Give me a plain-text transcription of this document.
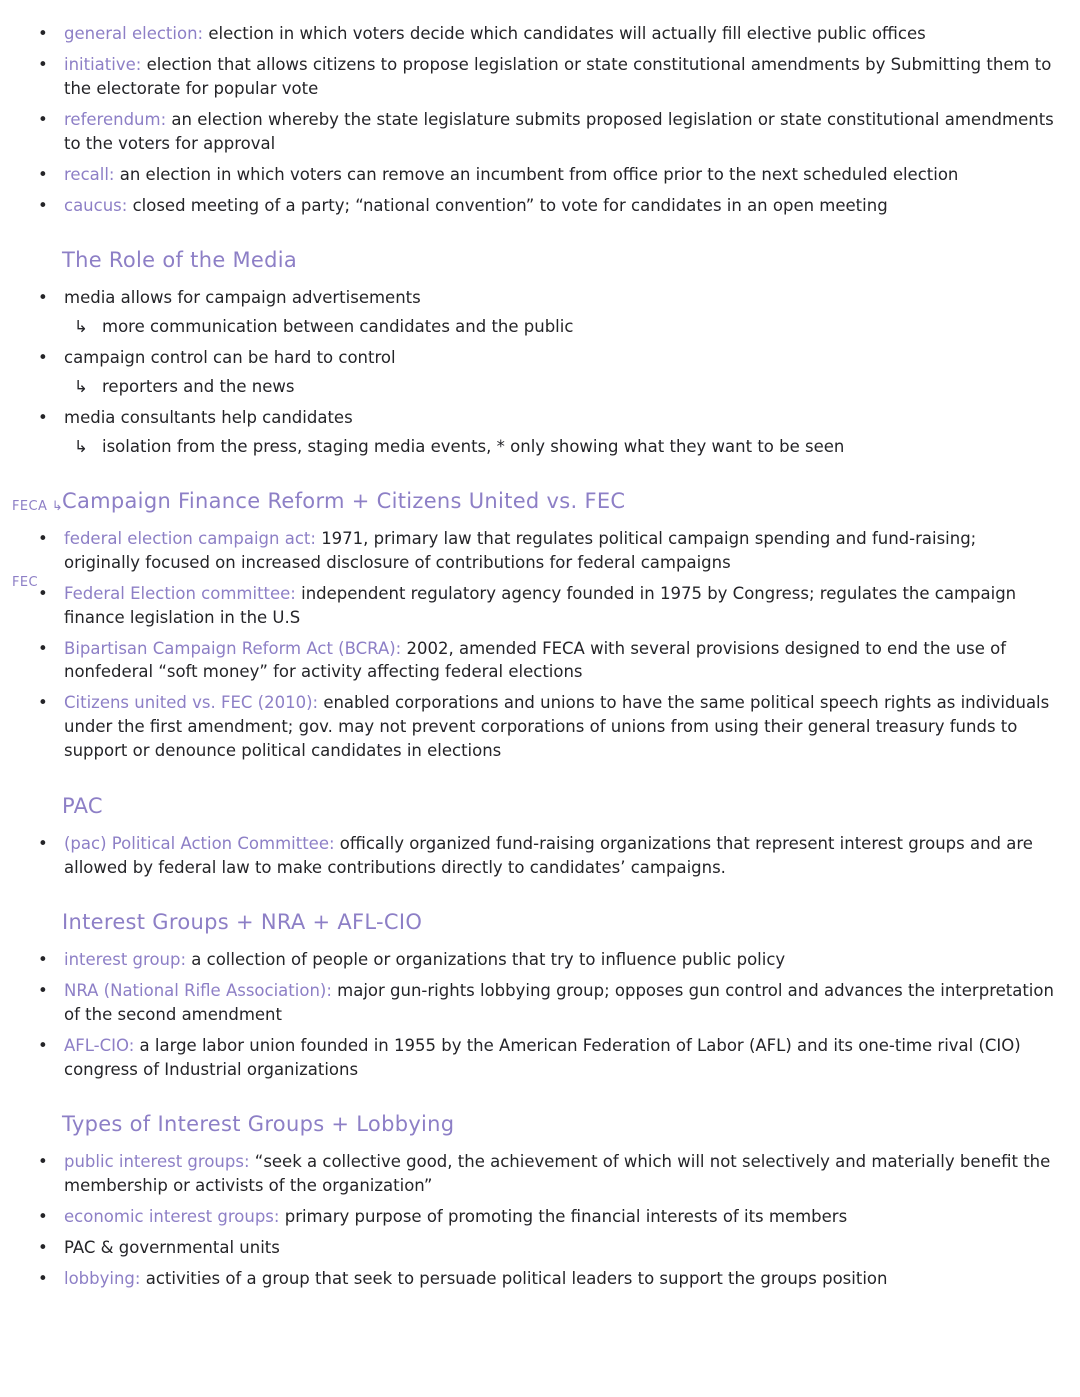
• general election: election in which voters decide which candidates will actually fill elective public offices
• initiative: election that allows citizens to propose legislation or state constitutional amendments by Submitting them to the electorate for popular vote
• referendum: an election whereby the state legislature submits proposed legislation or state constitutional amendments to the voters for approval
• recall: an election in which voters can remove an incumbent from office prior to the next scheduled election
• caucus: closed meeting of a party; “national convention” to vote for candidates in an open meeting
The Role of the Media
• media allows for campaign advertisements
↳ more communication between candidates and the public
• campaign control can be hard to control
↳ reporters and the news
• media consultants help candidates
↳ isolation from the press, staging media events, * only showing what they want to be seen
Campaign Finance Reform + Citizens United vs. FEC
FECA ↳
FEC
• federal election campaign act: 1971, primary law that regulates political campaign spending and fund-raising; originally focused on increased disclosure of contributions for federal campaigns
• Federal Election committee: independent regulatory agency founded in 1975 by Congress; regulates the campaign finance legislation in the U.S
• Bipartisan Campaign Reform Act (BCRA): 2002, amended FECA with several provisions designed to end the use of nonfederal “soft money” for activity affecting federal elections
• Citizens united vs. FEC (2010): enabled corporations and unions to have the same political speech rights as individuals under the first amendment; gov. may not prevent corporations of unions from using their general treasury funds to support or denounce political candidates in elections
PAC
• (pac) Political Action Committee: offically organized fund-raising organizations that represent interest groups and are allowed by federal law to make contributions directly to candidates’ campaigns.
Interest Groups + NRA + AFL-CIO
• interest group: a collection of people or organizations that try to influence public policy
• NRA (National Rifle Association): major gun-rights lobbying group; opposes gun control and advances the interpretation of the second amendment
• AFL-CIO: a large labor union founded in 1955 by the American Federation of Labor (AFL) and its one-time rival (CIO) congress of Industrial organizations
Types of Interest Groups + Lobbying
• public interest groups: “seek a collective good, the achievement of which will not selectively and materially benefit the membership or activists of the organization”
• economic interest groups: primary purpose of promoting the financial interests of its members
• PAC & governmental units
• lobbying: activities of a group that seek to persuade political leaders to support the groups position
